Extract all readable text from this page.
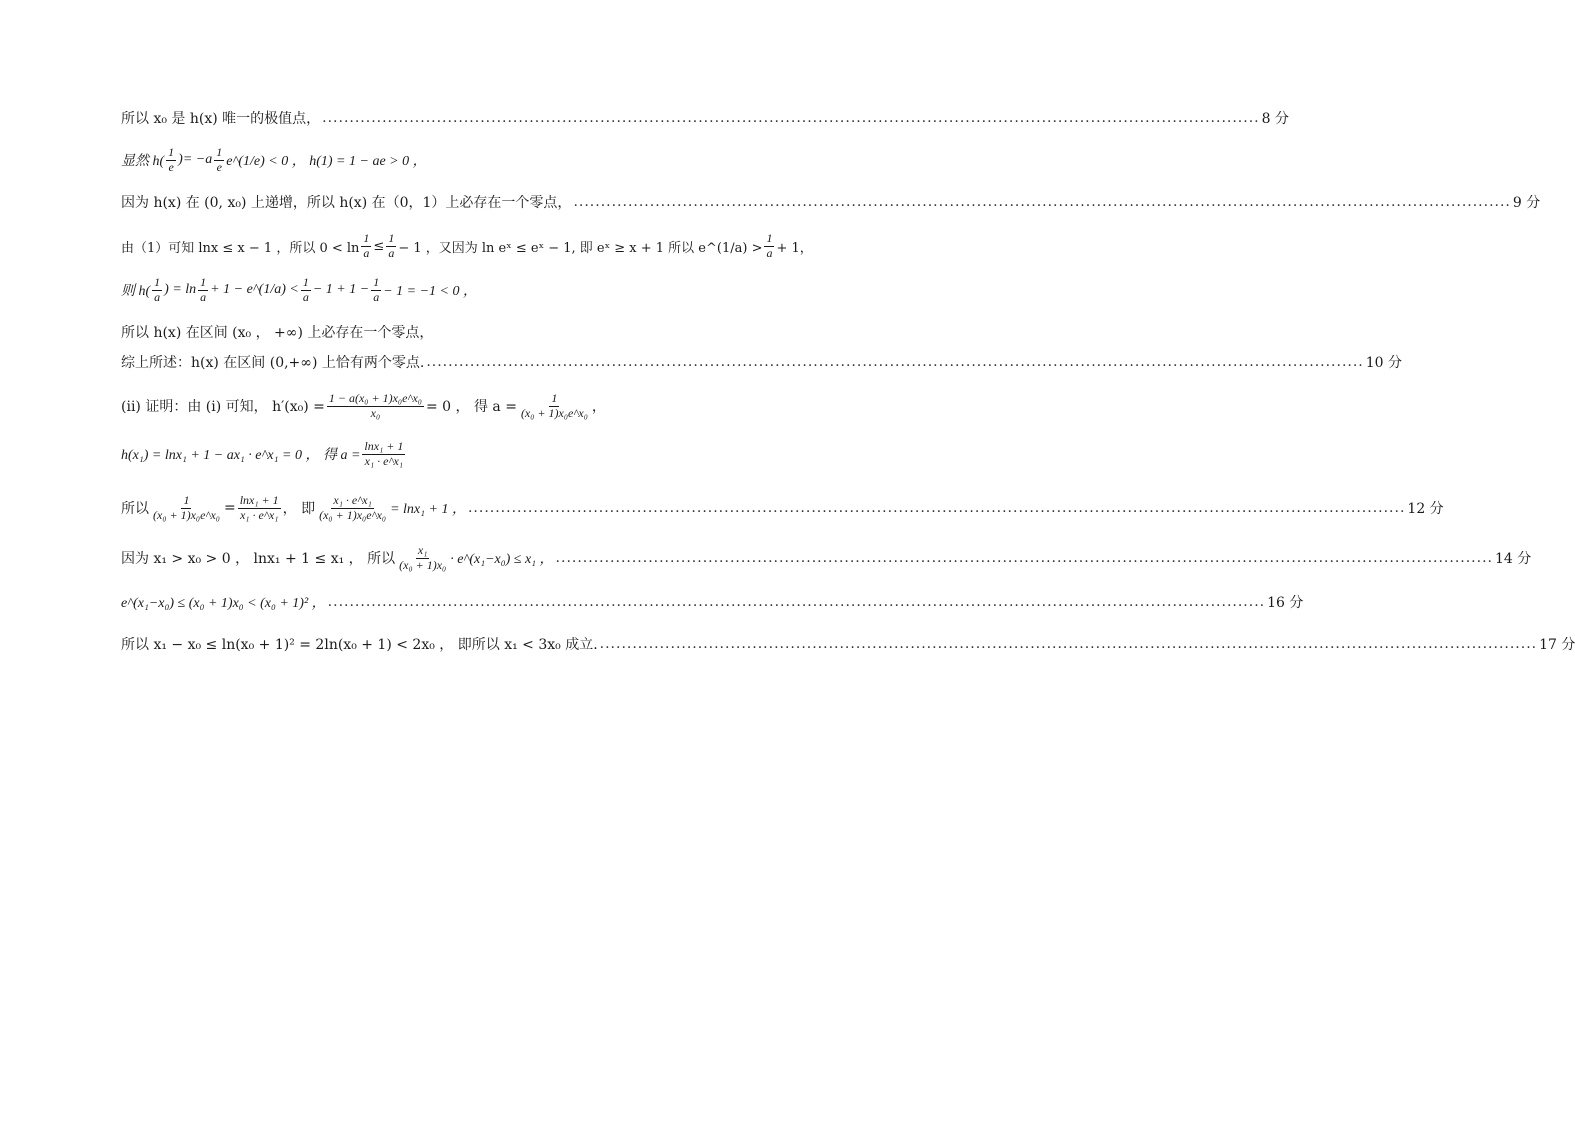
所以 x₀ 是 h(x) 唯一的极值点， ............................................................................................................................................................................ 8 分
显然 $h( \frac{1}{e}$ )= $-a \frac{1}{e}$ e^(1/e) < 0 ， h(1) = 1 − ae > 0 ，
因为 h(x) 在 (0, x₀) 上递增，所以 h(x) 在（0，1）上必存在一个零点， ............................................................................................................................................................................ 9 分
由（1）可知 lnx ≤ x − 1 ，所以 $0 < \ln \frac{1}{a} \le \frac{1}{a} - 1$ ，又因为 ln eˣ ≤ eˣ − 1, 即 eˣ ≥ x + 1 所以 e^(1/a) > $\frac{1}{a} + 1$，
则 $h( \frac{1}{a}$ ) = $\ln \frac{1}{a} + 1$ − e^(1/a) < $\frac{1}{a} - 1 + 1 - \frac{1}{a} - 1 = -1 < 0$ ，
所以 h(x) 在区间 (x₀ ， +∞) 上必存在一个零点，
综上所述：h(x) 在区间 (0,+∞) 上恰有两个零点. ............................................................................................................................................................................ 10 分
(ii) 证明：由 (i) 可知， $h'(x_0) = \frac{\text{1 − a(x₀ + 1)x₀e\textasciicircum{}x₀}}{\text{x₀}} = 0$ ， 得 $a = \frac{1}{\text{(x₀ + 1)x₀e\textasciicircum{}x₀}}$ ，
h(x₁) = lnx₁ + 1 − ax₁ · e^x₁ = 0 ， 得 $a = \frac{\text{lnx₁ + 1}}{\text{x₁ · e\textasciicircum{}x₁}}$
所以 $\frac{1}{\text{(x₀ + 1)x₀e\textasciicircum{}x₀}} = \frac{\text{lnx₁ + 1}}{\text{x₁ · e\textasciicircum{}x₁}}$ ， 即 $\frac{\text{x₁ · e\textasciicircum{}x₁}}{\text{(x₀ + 1)x₀e\textasciicircum{}x₀}} = \ln x_1 + 1$ ， ............................................................................................................................................................................ 12 分
因为 x₁ > x₀ > 0 ， lnx₁ + 1 ≤ x₁ ， 所以 $\frac{\text{x₁}}{\text{(x₀ + 1)x₀}}$ · e^(x₁−x₀) ≤ x₁ ， ............................................................................................................................................................................ 14 分
e^(x₁−x₀) ≤ (x₀ + 1)x₀ < (x₀ + 1)² ， ............................................................................................................................................................................ 16 分
所以 x₁ − x₀ ≤ ln(x₀ + 1)² = 2ln(x₀ + 1) < 2x₀ ， 即所以 x₁ < 3x₀ 成立. ............................................................................................................................................................................ 17 分
